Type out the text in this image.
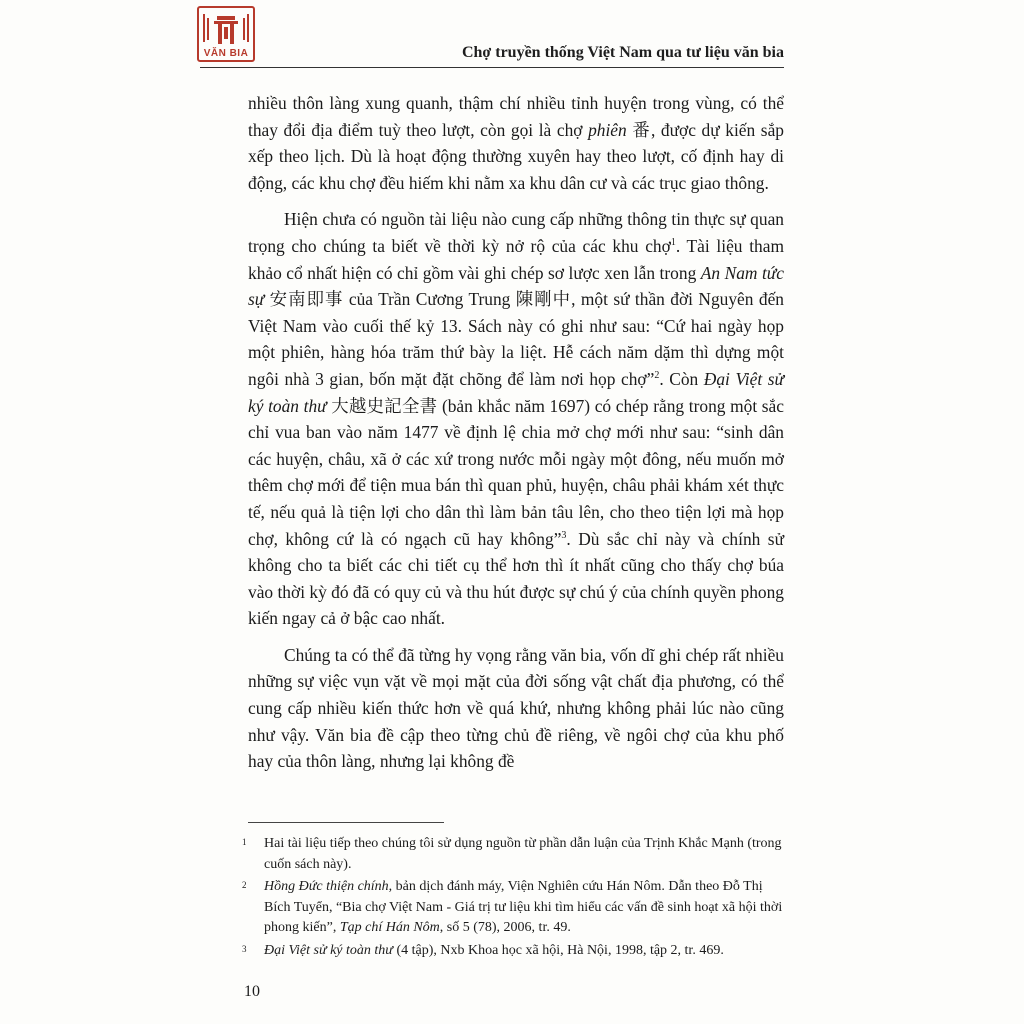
VĂN BIA	Chợ truyền thống Việt Nam qua tư liệu văn bia

nhiều thôn làng xung quanh, thậm chí nhiều tỉnh huyện trong vùng, có thể thay đổi địa điểm tuỳ theo lượt, còn gọi là chợ phiên 番, được dự kiến sắp xếp theo lịch. Dù là hoạt động thường xuyên hay theo lượt, cố định hay di động, các khu chợ đều hiếm khi nằm xa khu dân cư và các trục giao thông.

Hiện chưa có nguồn tài liệu nào cung cấp những thông tin thực sự quan trọng cho chúng ta biết về thời kỳ nở rộ của các khu chợ$^1$. Tài liệu tham khảo cổ nhất hiện có chỉ gồm vài ghi chép sơ lược xen lẫn trong An Nam tức sự 安南即事 của Trần Cương Trung 陳剛中, một sứ thần đời Nguyên đến Việt Nam vào cuối thế kỷ 13. Sách này có ghi như sau: “Cứ hai ngày họp một phiên, hàng hóa trăm thứ bày la liệt. Hễ cách năm dặm thì dựng một ngôi nhà 3 gian, bốn mặt đặt chõng để làm nơi họp chợ”$^2$. Còn Đại Việt sử ký toàn thư 大越史記全書 (bản khắc năm 1697) có chép rằng trong một sắc chỉ vua ban vào năm 1477 về định lệ chia mở chợ mới như sau: “sinh dân các huyện, châu, xã ở các xứ trong nước mỗi ngày một đông, nếu muốn mở thêm chợ mới để tiện mua bán thì quan phủ, huyện, châu phải khám xét thực tế, nếu quả là tiện lợi cho dân thì làm bản tâu lên, cho theo tiện lợi mà họp chợ, không cứ là có ngạch cũ hay không”$^3$. Dù sắc chỉ này và chính sử không cho ta biết các chi tiết cụ thể hơn thì ít nhất cũng cho thấy chợ búa vào thời kỳ đó đã có quy củ và thu hút được sự chú ý của chính quyền phong kiến ngay cả ở bậc cao nhất.

Chúng ta có thể đã từng hy vọng rằng văn bia, vốn dĩ ghi chép rất nhiều những sự việc vụn vặt về mọi mặt của đời sống vật chất địa phương, có thể cung cấp nhiều kiến thức hơn về quá khứ, nhưng không phải lúc nào cũng như vậy. Văn bia đề cập theo từng chủ đề riêng, về ngôi chợ của khu phố hay của thôn làng, nhưng lại không đề

1 Hai tài liệu tiếp theo chúng tôi sử dụng nguồn từ phần dẫn luận của Trịnh Khắc Mạnh (trong cuốn sách này).
2 Hồng Đức thiện chính, bản dịch đánh máy, Viện Nghiên cứu Hán Nôm. Dẫn theo Đỗ Thị Bích Tuyển, “Bia chợ Việt Nam - Giá trị tư liệu khi tìm hiểu các vấn đề sinh hoạt xã hội thời phong kiến”, Tạp chí Hán Nôm, số 5 (78), 2006, tr. 49.
3 Đại Việt sử ký toàn thư (4 tập), Nxb Khoa học xã hội, Hà Nội, 1998, tập 2, tr. 469.
10
